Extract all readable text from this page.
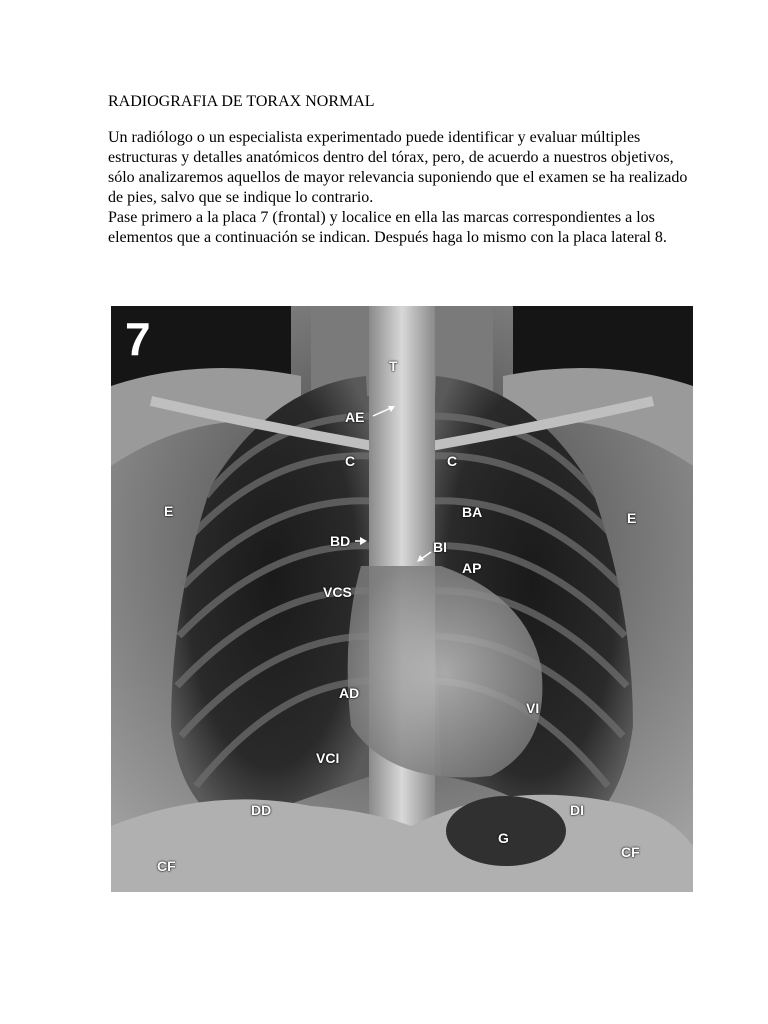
RADIOGRAFIA DE TORAX NORMAL

Un radiólogo o un especialista experimentado puede identificar y evaluar múltiples estructuras y detalles anatómicos dentro del tórax, pero, de acuerdo a nuestros objetivos, sólo analizaremos aquellos de mayor relevancia suponiendo que el examen se ha realizado de pies, salvo que se indique lo contrario.

Pase primero a la placa 7 (frontal) y localice en ella las marcas correspondientes a los elementos que a continuación se indican. Después haga lo mismo con la placa lateral 8.

7
T
AE
C	C
E	E
BA
BD	BI
AP
VCS
AD
VI
VCI
DD	DI
G
CF
CF
